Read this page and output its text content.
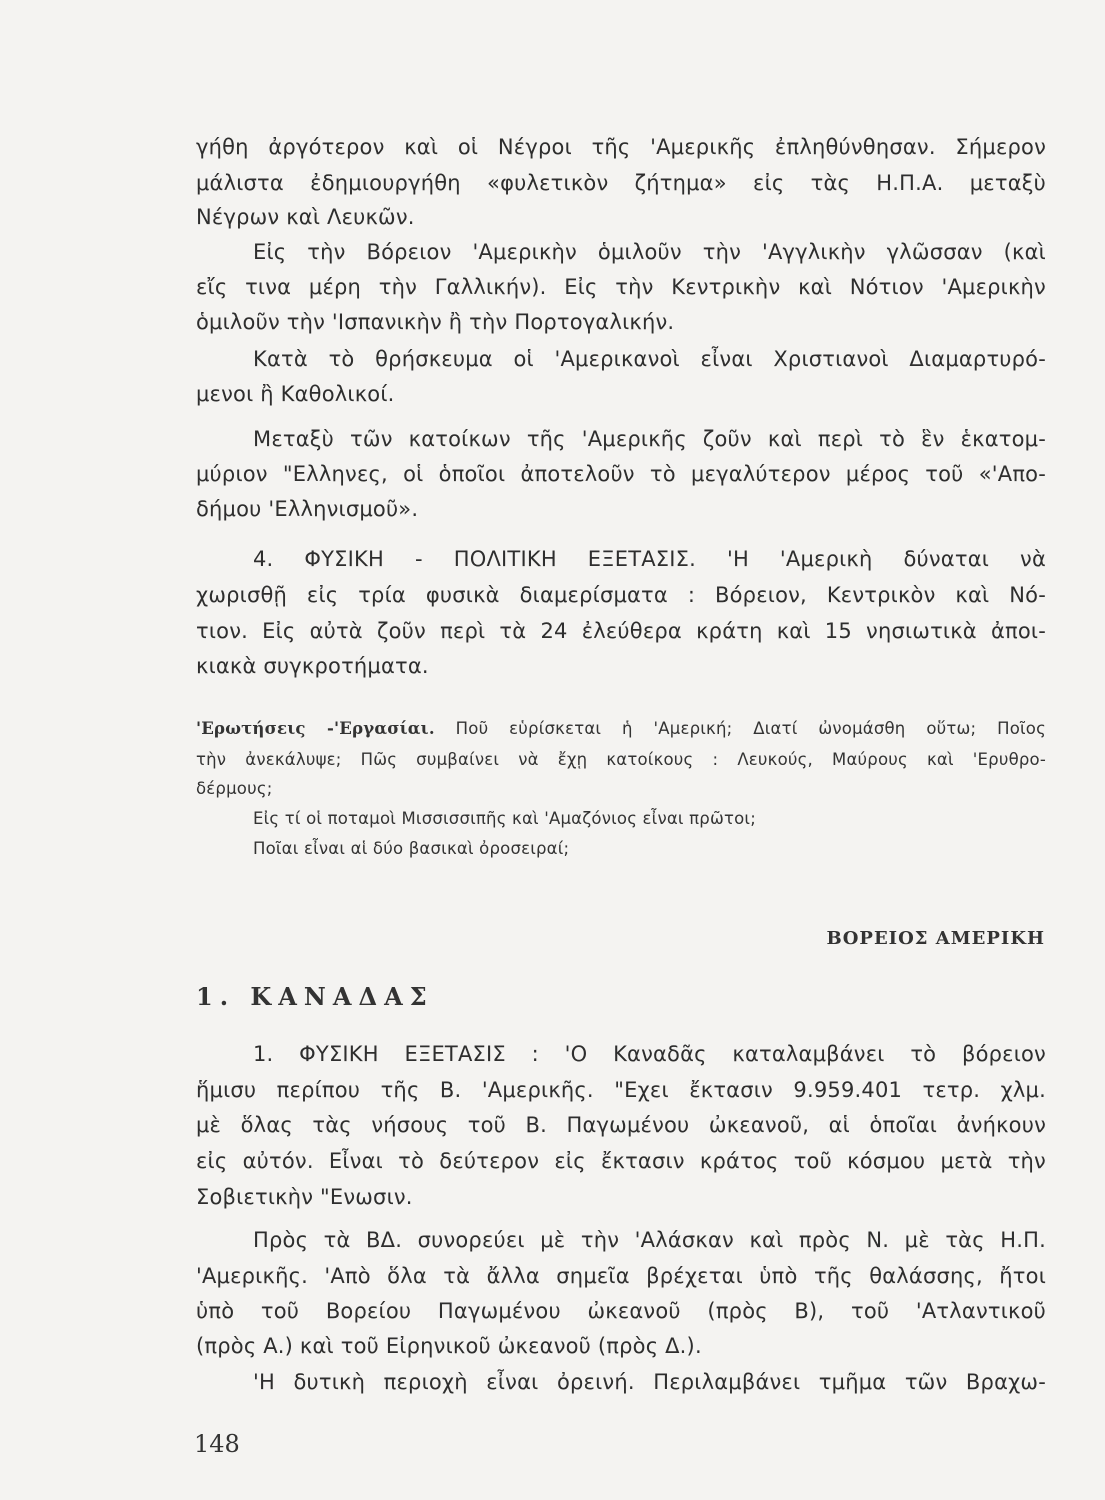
γήθη ἀργότερον καὶ οἱ Νέγροι τῆς 'Αμερικῆς ἐπληθύνθησαν. Σήμερον
μάλιστα ἐδημιουργήθη «φυλετικὸν ζήτημα» εἰς τὰς Η.Π.Α. μεταξὺ
Νέγρων καὶ Λευκῶν.
Εἰς τὴν Βόρειον 'Αμερικὴν ὁμιλοῦν τὴν 'Αγγλικὴν γλῶσσαν (καὶ
εἴς τινα μέρη τὴν Γαλλικήν). Εἰς τὴν Κεντρικὴν καὶ Νότιον 'Αμερικὴν
ὁμιλοῦν τὴν 'Ισπανικὴν ἢ τὴν Πορτογαλικήν.
Κατὰ τὸ θρήσκευμα οἱ 'Αμερικανοὶ εἶναι Χριστιανοὶ Διαμαρτυρό-
μενοι ἢ Καθολικοί.
Μεταξὺ τῶν κατοίκων τῆς 'Αμερικῆς ζοῦν καὶ περὶ τὸ ἓν ἑκατομ-
μύριον "Ελληνες, οἱ ὁποῖοι ἀποτελοῦν τὸ μεγαλύτερον μέρος τοῦ «'Απο-
δήμου 'Ελληνισμοῦ».
4. ΦΥΣΙΚΗ - ΠΟΛΙΤΙΚΗ ΕΞΕΤΑΣΙΣ. 'Η 'Αμερικὴ δύναται νὰ
χωρισθῇ εἰς τρία φυσικὰ διαμερίσματα : Βόρειον, Κεντρικὸν καὶ Νό-
τιον. Εἰς αὐτὰ ζοῦν περὶ τὰ 24 ἐλεύθερα κράτη καὶ 15 νησιωτικὰ ἀποι-
κιακὰ συγκροτήματα.
'Ερωτήσεις -'Εργασίαι. Ποῦ εὑρίσκεται ἡ 'Αμερική; Διατί ὠνομάσθη οὕτω; Ποῖος
τὴν ἀνεκάλυψε; Πῶς συμβαίνει νὰ ἔχῃ κατοίκους : Λευκούς, Μαύρους καὶ 'Ερυθρο-
δέρμους;
Εἰς τί οἱ ποταμοὶ Μισσισσιπῆς καὶ 'Αμαζόνιος εἶναι πρῶτοι;
Ποῖαι εἶναι αἱ δύο βασικαὶ ὀροσειραί;
ΒΟΡΕΙΟΣ ΑΜΕΡΙΚΗ
1. ΚΑΝΑΔΑΣ
1. ΦΥΣΙΚΗ ΕΞΕΤΑΣΙΣ : 'Ο Καναδᾶς καταλαμβάνει τὸ βόρειον
ἥμισυ περίπου τῆς Β. 'Αμερικῆς. "Εχει ἔκτασιν 9.959.401 τετρ. χλμ.
μὲ ὅλας τὰς νήσους τοῦ Β. Παγωμένου ὠκεανοῦ, αἱ ὁποῖαι ἀνήκουν
εἰς αὐτόν. Εἶναι τὸ δεύτερον εἰς ἔκτασιν κράτος τοῦ κόσμου μετὰ τὴν
Σοβιετικὴν "Ενωσιν.
Πρὸς τὰ ΒΔ. συνορεύει μὲ τὴν 'Αλάσκαν καὶ πρὸς Ν. μὲ τὰς Η.Π.
'Αμερικῆς. 'Απὸ ὅλα τὰ ἄλλα σημεῖα βρέχεται ὑπὸ τῆς θαλάσσης, ἤτοι
ὑπὸ τοῦ Βορείου Παγωμένου ὠκεανοῦ (πρὸς Β), τοῦ 'Ατλαντικοῦ
(πρὸς Α.) καὶ τοῦ Εἰρηνικοῦ ὠκεανοῦ (πρὸς Δ.).
'Η δυτικὴ περιοχὴ εἶναι ὀρεινή. Περιλαμβάνει τμῆμα τῶν Βραχω-
148
